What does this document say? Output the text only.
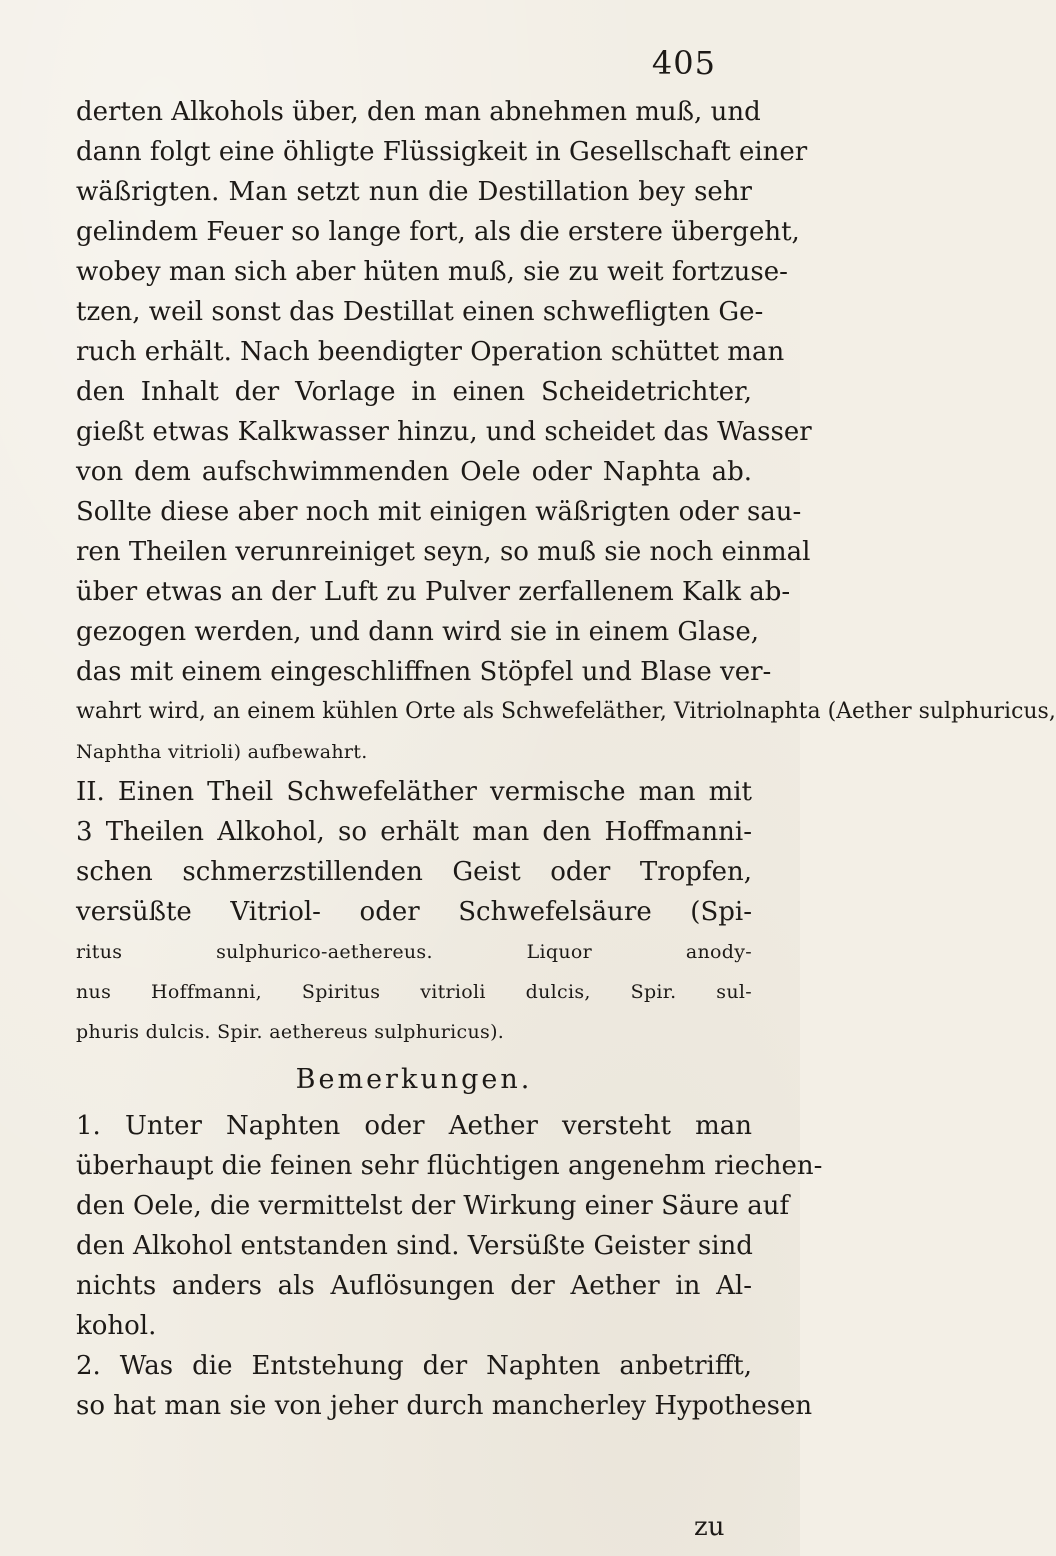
405
derten Alkohols über, den man abnehmen muß, und
dann folgt eine öhligte Flüssigkeit in Gesellschaft einer
wäßrigten. Man setzt nun die Destillation bey sehr
gelindem Feuer so lange fort, als die erstere übergeht,
wobey man sich aber hüten muß, sie zu weit fortzuse-
tzen, weil sonst das Destillat einen schwefligten Ge-
ruch erhält. Nach beendigter Operation schüttet man
den Inhalt der Vorlage in einen Scheidetrichter,
gießt etwas Kalkwasser hinzu, und scheidet das Wasser
von dem aufschwimmenden Oele oder Naphta ab.
Sollte diese aber noch mit einigen wäßrigten oder sau-
ren Theilen verunreiniget seyn, so muß sie noch einmal
über etwas an der Luft zu Pulver zerfallenem Kalk ab-
gezogen werden, und dann wird sie in einem Glase,
das mit einem eingeschliffnen Stöpfel und Blase ver-
wahrt wird, an einem kühlen Orte als Schwefeläther, Vitriolnaphta (Aether sulphuricus,
Naphtha vitrioli) aufbewahrt.
II. Einen Theil Schwefeläther vermische man mit
3 Theilen Alkohol, so erhält man den Hoffmanni-
schen schmerzstillenden Geist oder Tropfen,
versüßte Vitriol- oder Schwefelsäure (Spi-
ritus sulphurico-aethereus. Liquor anody-
nus Hoffmanni, Spiritus vitrioli dulcis, Spir. sul-
phuris dulcis. Spir. aethereus sulphuricus).
Bemerkungen.
1. Unter Naphten oder Aether versteht man
überhaupt die feinen sehr flüchtigen angenehm riechen-
den Oele, die vermittelst der Wirkung einer Säure auf
den Alkohol entstanden sind. Versüßte Geister sind
nichts anders als Auflösungen der Aether in Al-
kohol.
2. Was die Entstehung der Naphten anbetrifft,
so hat man sie von jeher durch mancherley Hypothesen
zu
